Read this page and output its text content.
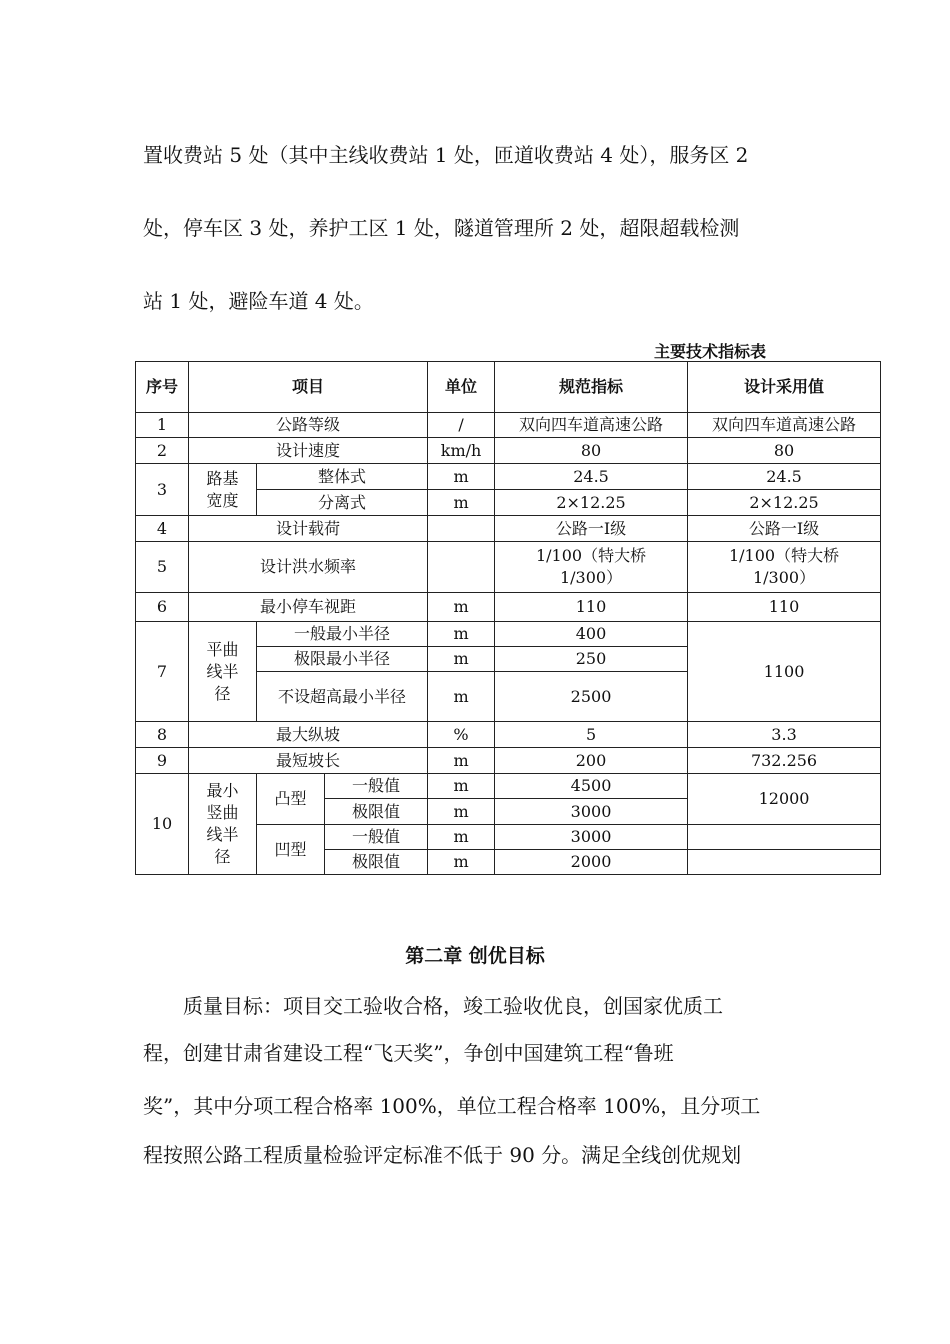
置收费站 5 处（其中主线收费站 1 处，匝道收费站 4 处），服务区 2
处，停车区 3 处，养护工区 1 处，隧道管理所 2 处，超限超载检测
站 1 处，避险车道 4 处。
主要技术指标表
序号	项目			单位	规范指标	设计采用值
1	公路等级			/	双向四车道高速公路	双向四车道高速公路
2	设计速度			km/h	80	80
3	路基宽度	整体式		m	24.5	24.5
		分离式		m	2×12.25	2×12.25
4	设计载荷				公路一Ⅰ级	公路一Ⅰ级
5	设计洪水频率				1/100（特大桥 1/300）	1/100（特大桥 1/300）
6	最小停车视距			m	110	110
7	平曲线半径	一般最小半径		m	400	1100
		极限最小半径		m	250	
		不设超高最小半径		m	2500	
8	最大纵坡			%	5	3.3
9	最短坡长			m	200	732.256
10	最小竖曲线半径	凸型	一般值	m	4500	12000
			极限值	m	3000	
		凹型	一般值	m	3000	
			极限值	m	2000	
第二章 创优目标
　　质量目标：项目交工验收合格，竣工验收优良，创国家优质工
程，创建甘肃省建设工程“飞天奖”，争创中国建筑工程“鲁班
奖”，其中分项工程合格率 100%，单位工程合格率 100%，且分项工
程按照公路工程质量检验评定标准不低于 90 分。满足全线创优规划
